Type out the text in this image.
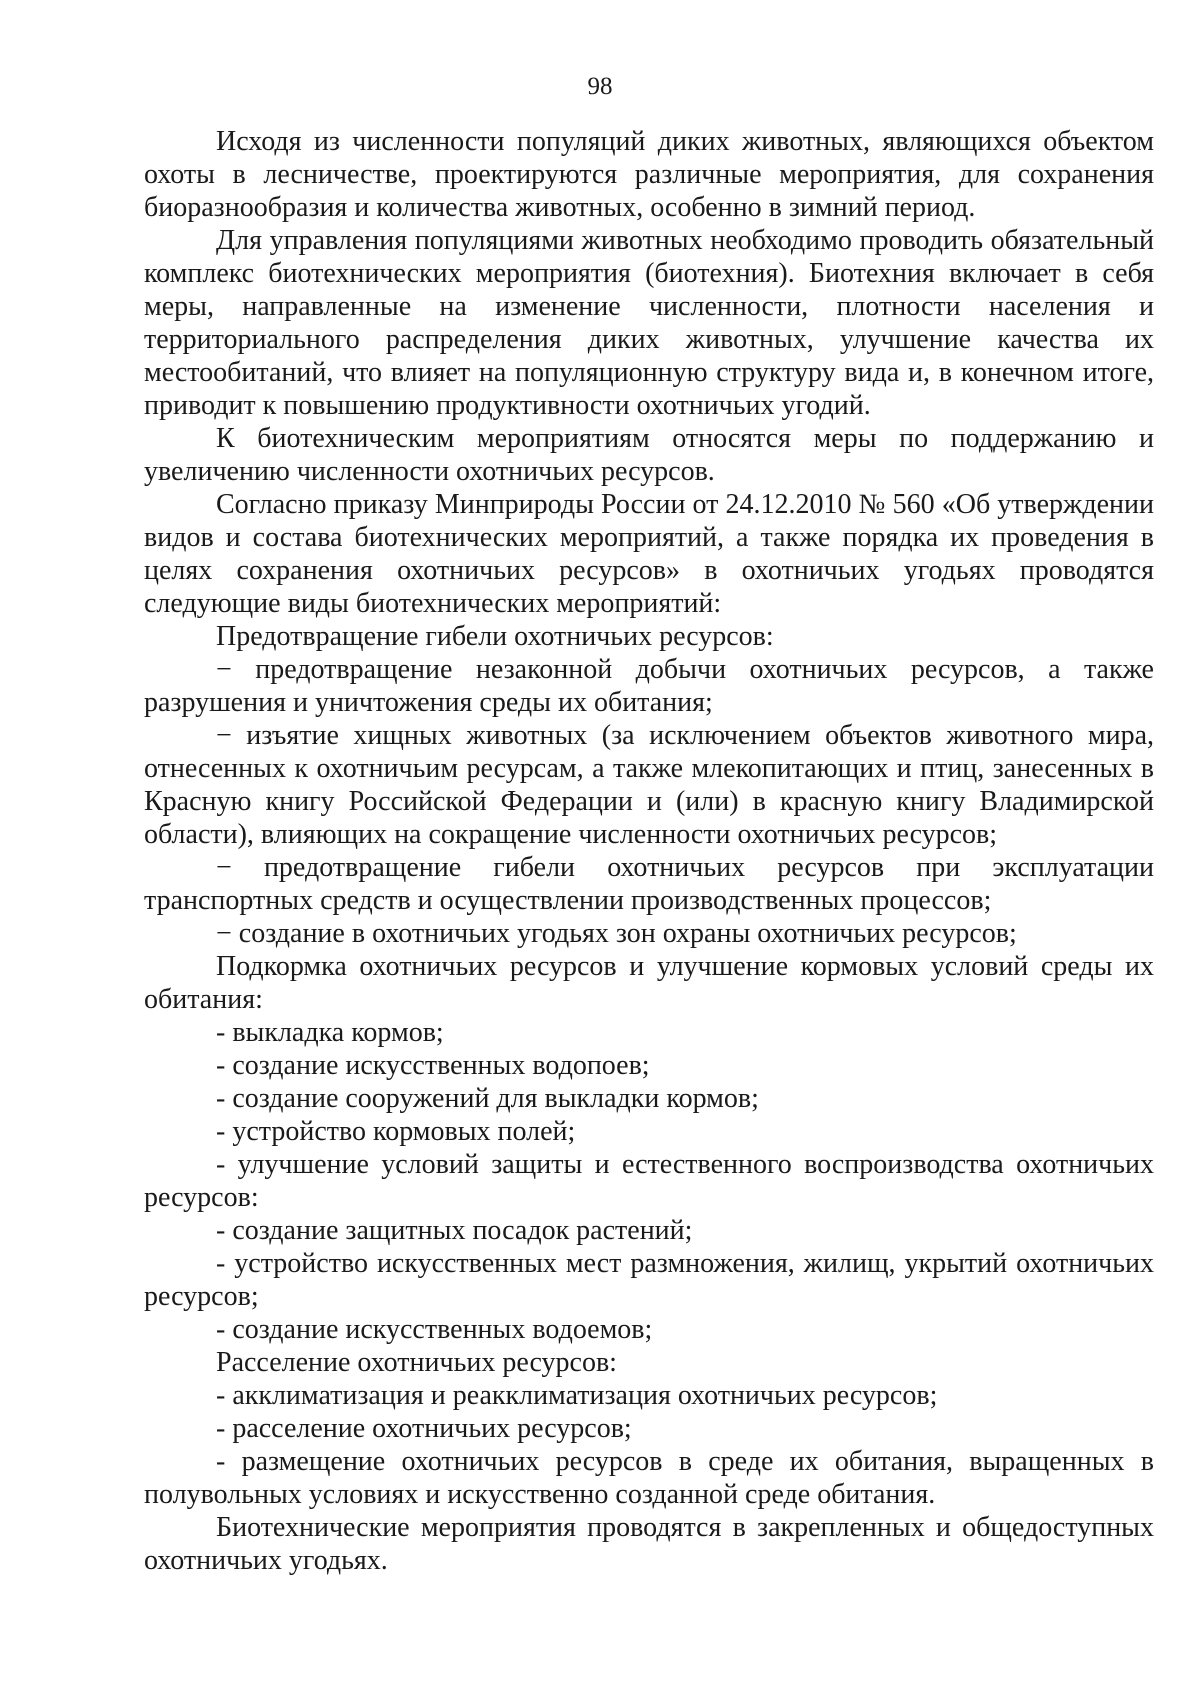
98

Исходя из численности популяций диких животных, являющихся объектом охоты в лесничестве, проектируются различные мероприятия, для сохранения биоразнообразия и количества животных, особенно в зимний период.

Для управления популяциями животных необходимо проводить обязательный комплекс биотехнических мероприятия (биотехния). Биотехния включает в себя меры, направленные на изменение численности, плотности населения и территориального распределения диких животных, улучшение качества их местообитаний, что влияет на популяционную структуру вида и, в конечном итоге, приводит к повышению продуктивности охотничьих угодий.

К биотехническим мероприятиям относятся меры по поддержанию и увеличению численности охотничьих ресурсов.

Согласно приказу Минприроды России от 24.12.2010 № 560 «Об утверждении видов и состава биотехнических мероприятий, а также порядка их проведения в целях сохранения охотничьих ресурсов» в охотничьих угодьях проводятся следующие виды биотехнических мероприятий:

Предотвращение гибели охотничьих ресурсов:

− предотвращение незаконной добычи охотничьих ресурсов, а также разрушения и уничтожения среды их обитания;

− изъятие хищных животных (за исключением объектов животного мира, отнесенных к охотничьим ресурсам, а также млекопитающих и птиц, занесенных в Красную книгу Российской Федерации и (или) в красную книгу Владимирской области), влияющих на сокращение численности охотничьих ресурсов;

− предотвращение гибели охотничьих ресурсов при эксплуатации транспортных средств и осуществлении производственных процессов;

− создание в охотничьих угодьях зон охраны охотничьих ресурсов;

Подкормка охотничьих ресурсов и улучшение кормовых условий среды их обитания:

- выкладка кормов;

- создание искусственных водопоев;

- создание сооружений для выкладки кормов;

- устройство кормовых полей;

- улучшение условий защиты и естественного воспроизводства охотничьих ресурсов:

- создание защитных посадок растений;

- устройство искусственных мест размножения, жилищ, укрытий охотничьих ресурсов;

- создание искусственных водоемов;

Расселение охотничьих ресурсов:

- акклиматизация и реакклиматизация охотничьих ресурсов;

- расселение охотничьих ресурсов;

- размещение охотничьих ресурсов в среде их обитания, выращенных в полувольных условиях и искусственно созданной среде обитания.

Биотехнические мероприятия проводятся в закрепленных и общедоступных охотничьих угодьях.
